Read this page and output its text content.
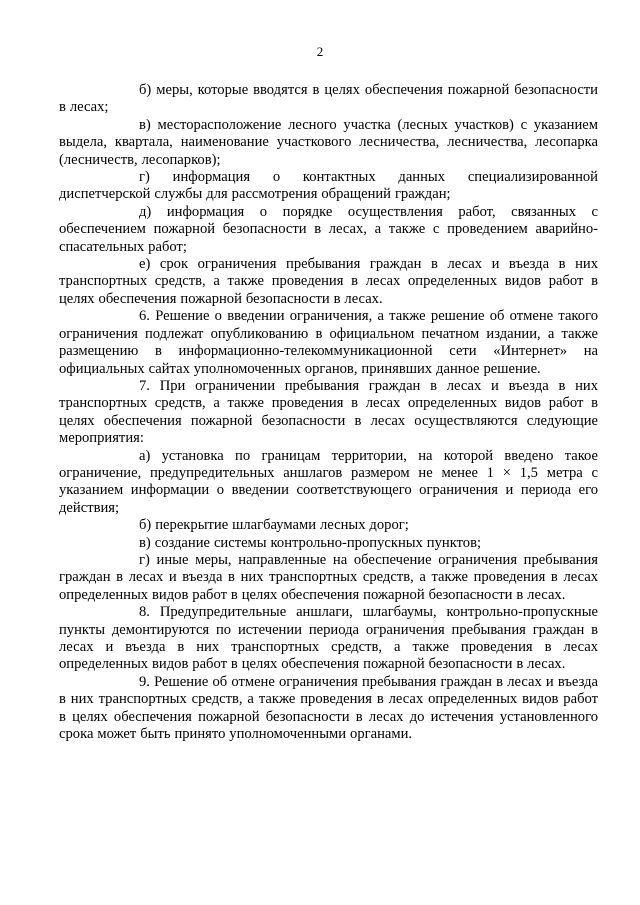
2

б) меры, которые вводятся в целях обеспечения пожарной безопасности в лесах;

в) месторасположение лесного участка (лесных участков) с указанием выдела, квартала, наименование участкового лесничества, лесничества, лесопарка (лесничеств, лесопарков);

г) информация о контактных данных специализированной диспетчерской службы для рассмотрения обращений граждан;

д) информация о порядке осуществления работ, связанных с обеспечением пожарной безопасности в лесах, а также с проведением аварийно-спасательных работ;

е) срок ограничения пребывания граждан в лесах и въезда в них транспортных средств, а также проведения в лесах определенных видов работ в целях обеспечения пожарной безопасности в лесах.

6. Решение о введении ограничения, а также решение об отмене такого ограничения подлежат опубликованию в официальном печатном издании, а также размещению в информационно-телекоммуникационной сети «Интернет» на официальных сайтах уполномоченных органов, принявших данное решение.

7. При ограничении пребывания граждан в лесах и въезда в них транспортных средств, а также проведения в лесах определенных видов работ в целях обеспечения пожарной безопасности в лесах осуществляются следующие мероприятия:

а) установка по границам территории, на которой введено такое ограничение, предупредительных аншлагов размером не менее 1 × 1,5 метра с указанием информации о введении соответствующего ограничения и периода его действия;

б) перекрытие шлагбаумами лесных дорог;

в) создание системы контрольно-пропускных пунктов;

г) иные меры, направленные на обеспечение ограничения пребывания граждан в лесах и въезда в них транспортных средств, а также проведения в лесах определенных видов работ в целях обеспечения пожарной безопасности в лесах.

8. Предупредительные аншлаги, шлагбаумы, контрольно-пропускные пункты демонтируются по истечении периода ограничения пребывания граждан в лесах и въезда в них транспортных средств, а также проведения в лесах определенных видов работ в целях обеспечения пожарной безопасности в лесах.

9. Решение об отмене ограничения пребывания граждан в лесах и въезда в них транспортных средств, а также проведения в лесах определенных видов работ в целях обеспечения пожарной безопасности в лесах до истечения установленного срока может быть принято уполномоченными органами.
